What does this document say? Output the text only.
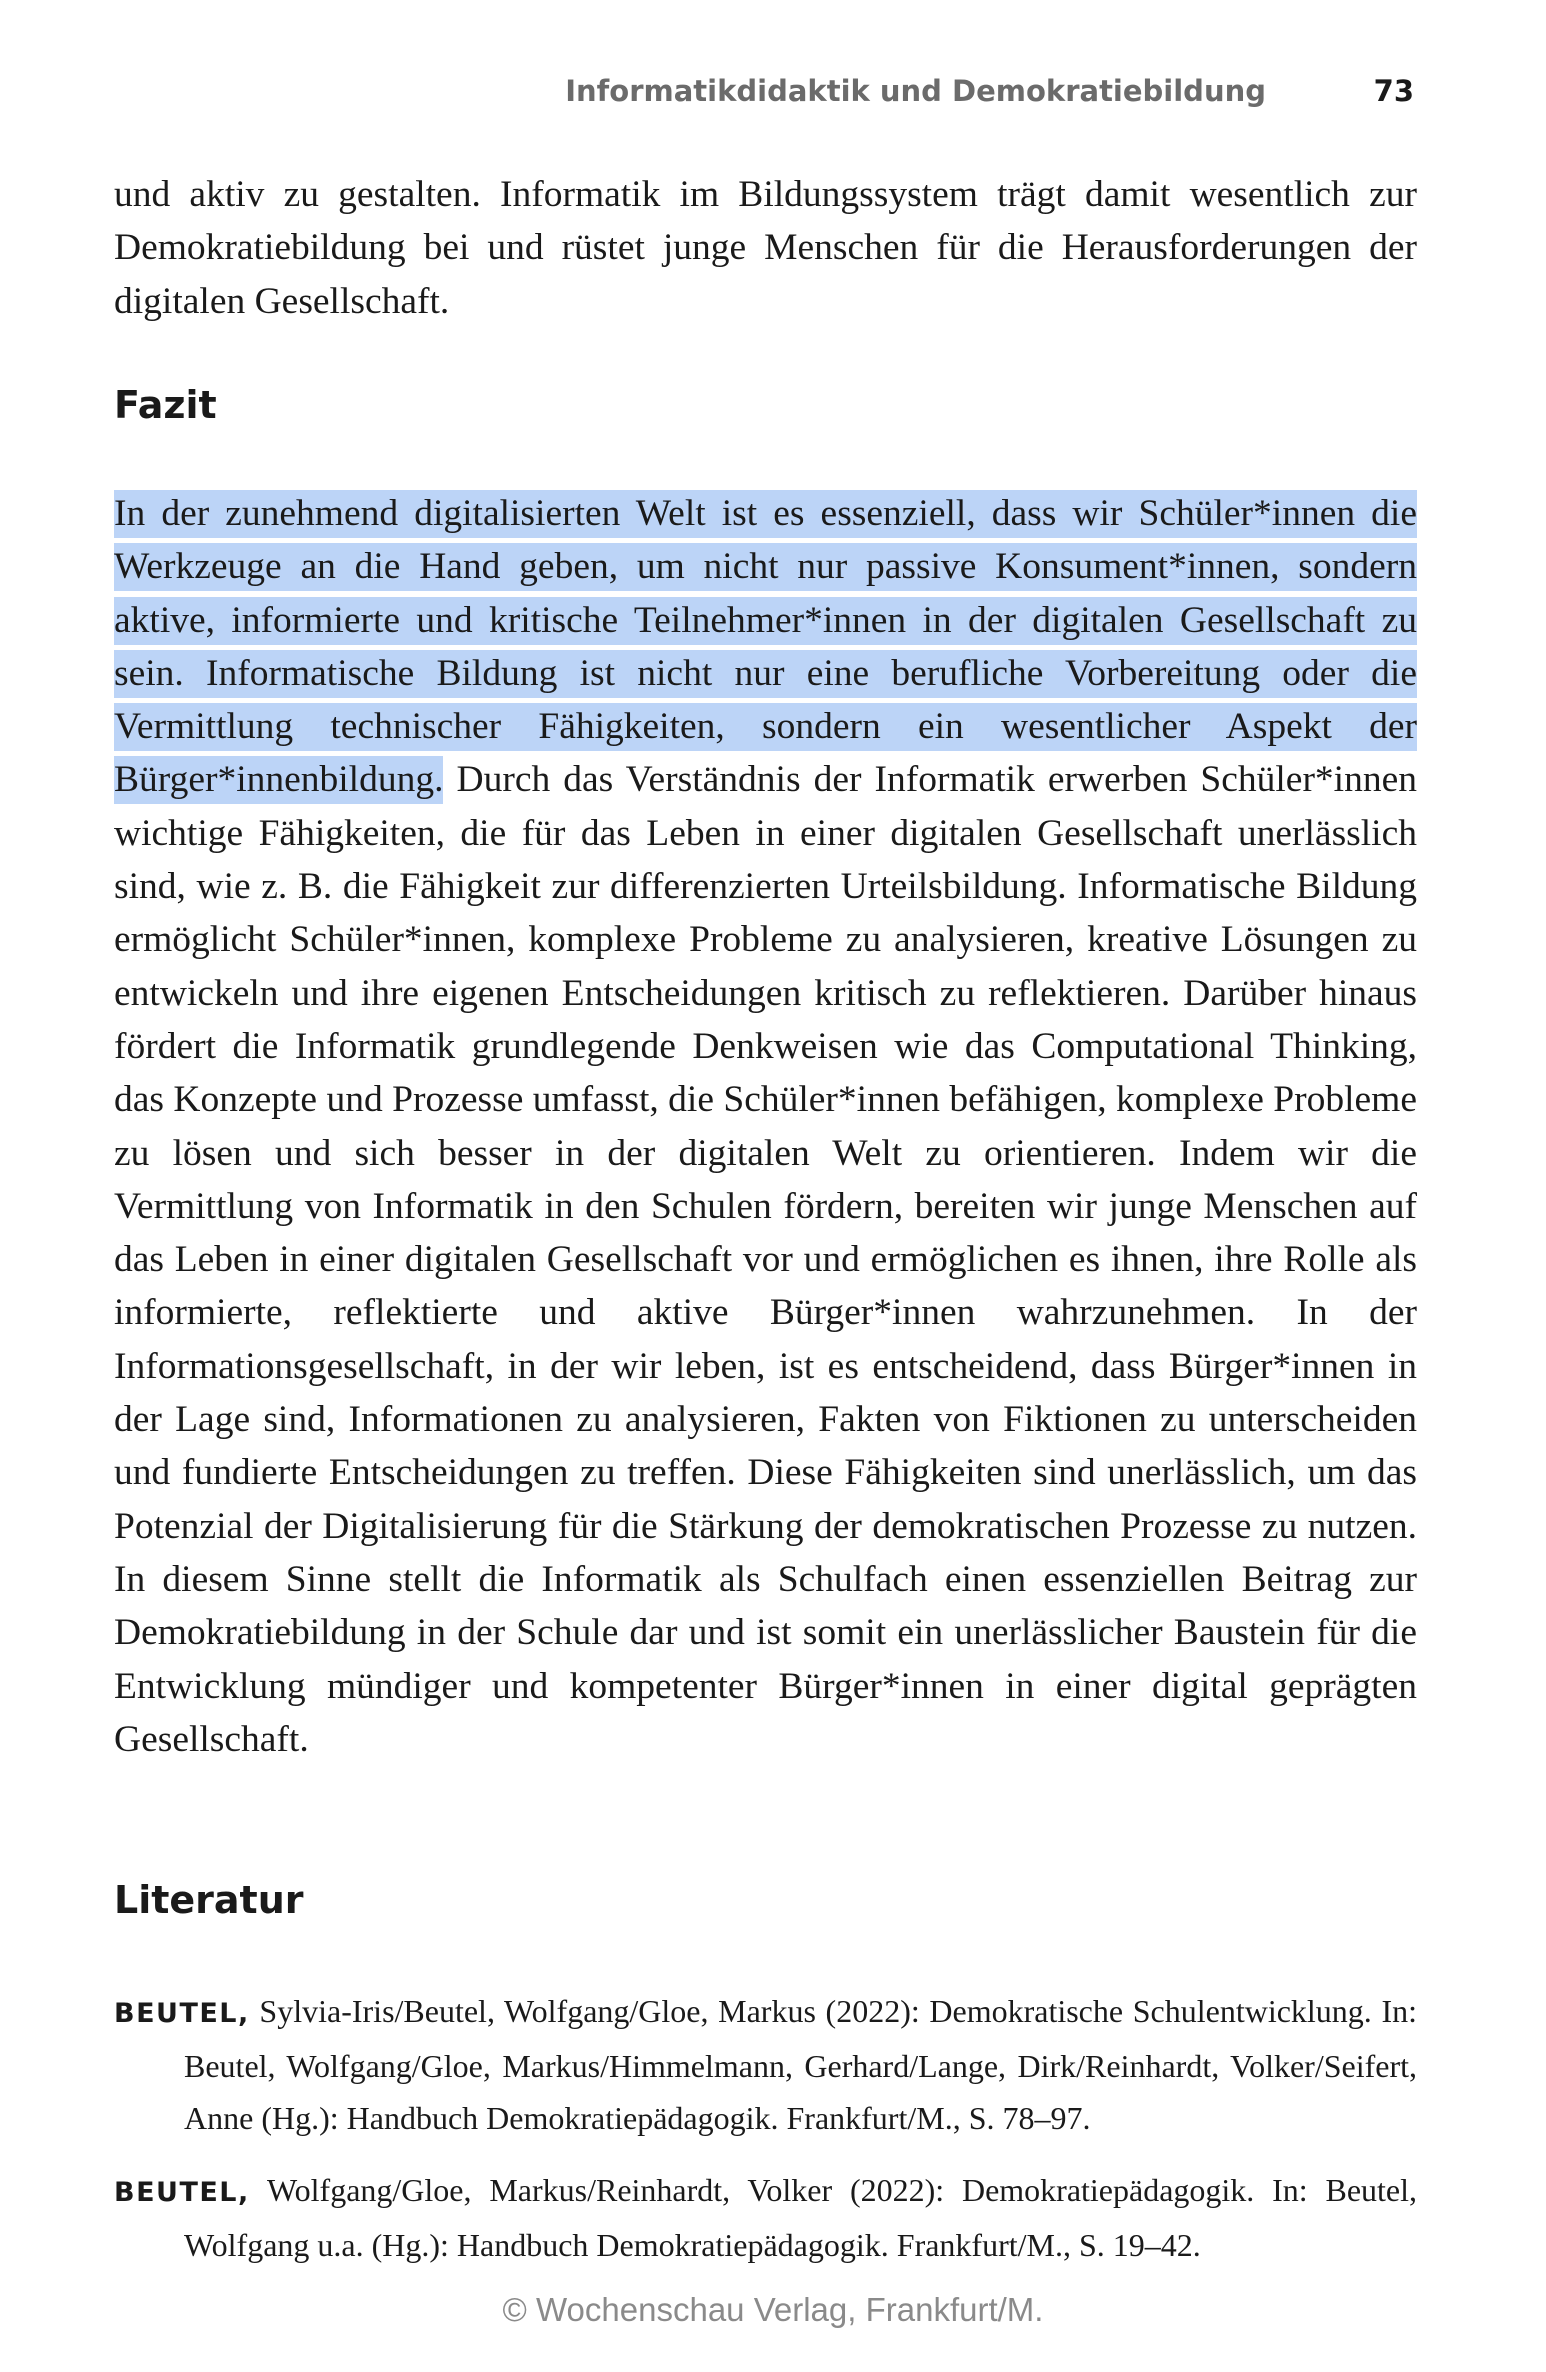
Informatikdidaktik und Demokratiebildung	73

und aktiv zu gestalten. Informatik im Bildungssystem trägt damit wesentlich zur Demokratiebildung bei und rüstet junge Menschen für die Herausforderungen der digitalen Gesellschaft.

Fazit

In der zunehmend digitalisierten Welt ist es essenziell, dass wir Schüler*innen die Werkzeuge an die Hand geben, um nicht nur passive Konsument*innen, sondern aktive, informierte und kritische Teilnehmer*innen in der digitalen Gesellschaft zu sein. Informatische Bildung ist nicht nur eine berufliche Vorbereitung oder die Vermittlung technischer Fähigkeiten, sondern ein wesentlicher Aspekt der Bürger*innenbildung. Durch das Verständnis der Informatik erwerben Schüler*innen wichtige Fähigkeiten, die für das Leben in einer digitalen Gesellschaft unerlässlich sind, wie z. B. die Fähigkeit zur differenzierten Urteilsbildung. Informatische Bildung ermöglicht Schüler*innen, komplexe Probleme zu analysieren, kreative Lösungen zu entwickeln und ihre eigenen Entscheidungen kritisch zu reflektieren. Darüber hinaus fördert die Informatik grundlegende Denkweisen wie das Computational Thinking, das Konzepte und Prozesse umfasst, die Schüler*innen befähigen, komplexe Probleme zu lösen und sich besser in der digitalen Welt zu orientieren. Indem wir die Vermittlung von Informatik in den Schulen fördern, bereiten wir junge Menschen auf das Leben in einer digitalen Gesellschaft vor und ermöglichen es ihnen, ihre Rolle als informierte, reflektierte und aktive Bürger*innen wahrzunehmen. In der Informationsgesellschaft, in der wir leben, ist es entscheidend, dass Bürger*innen in der Lage sind, Informationen zu analysieren, Fakten von Fiktionen zu unterscheiden und fundierte Entscheidungen zu treffen. Diese Fähigkeiten sind unerlässlich, um das Potenzial der Digitalisierung für die Stärkung der demokratischen Prozesse zu nutzen. In diesem Sinne stellt die Informatik als Schulfach einen essenziellen Beitrag zur Demokratiebildung in der Schule dar und ist somit ein unerlässlicher Baustein für die Entwicklung mündiger und kompetenter Bürger*innen in einer digital geprägten Gesellschaft.

Literatur
BEUTEL, Sylvia-Iris/Beutel, Wolfgang/Gloe, Markus (2022): Demokratische Schulentwicklung. In: Beutel, Wolfgang/Gloe, Markus/Himmelmann, Gerhard/Lange, Dirk/Reinhardt, Volker/Seifert, Anne (Hg.): Handbuch Demokratiepädagogik. Frankfurt/M., S. 78–97.
BEUTEL, Wolfgang/Gloe, Markus/Reinhardt, Volker (2022): Demokratiepädagogik. In: Beutel, Wolfgang u.a. (Hg.): Handbuch Demokratiepädagogik. Frankfurt/M., S. 19–42.
© Wochenschau Verlag, Frankfurt/M.
